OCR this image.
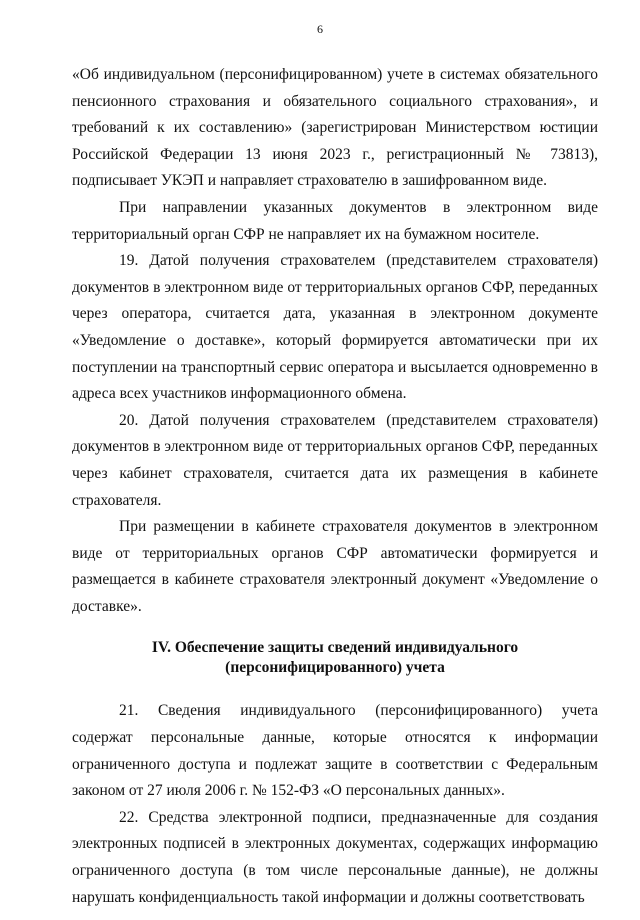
6

«Об индивидуальном (персонифицированном) учете в системах обязательного пенсионного страхования и обязательного социального страхования», и требований к их составлению» (зарегистрирован Министерством юстиции Российской Федерации 13 июня 2023 г., регистрационный № 73813), подписывает УКЭП и направляет страхователю в зашифрованном виде.

При направлении указанных документов в электронном виде территориальный орган СФР не направляет их на бумажном носителе.

19. Датой получения страхователем (представителем страхователя) документов в электронном виде от территориальных органов СФР, переданных через оператора, считается дата, указанная в электронном документе «Уведомление о доставке», который формируется автоматически при их поступлении на транспортный сервис оператора и высылается одновременно в адреса всех участников информационного обмена.

20. Датой получения страхователем (представителем страхователя) документов в электронном виде от территориальных органов СФР, переданных через кабинет страхователя, считается дата их размещения в кабинете страхователя.

При размещении в кабинете страхователя документов в электронном виде от территориальных органов СФР автоматически формируется и размещается в кабинете страхователя электронный документ «Уведомление о доставке».

IV. Обеспечение защиты сведений индивидуального
(персонифицированного) учета

21. Сведения индивидуального (персонифицированного) учета содержат персональные данные, которые относятся к информации ограниченного доступа и подлежат защите в соответствии с Федеральным законом от 27 июля 2006 г. № 152-ФЗ «О персональных данных».

22. Средства электронной подписи, предназначенные для создания электронных подписей в электронных документах, содержащих информацию ограниченного доступа (в том числе персональные данные), не должны нарушать конфиденциальность такой информации и должны соответствовать
